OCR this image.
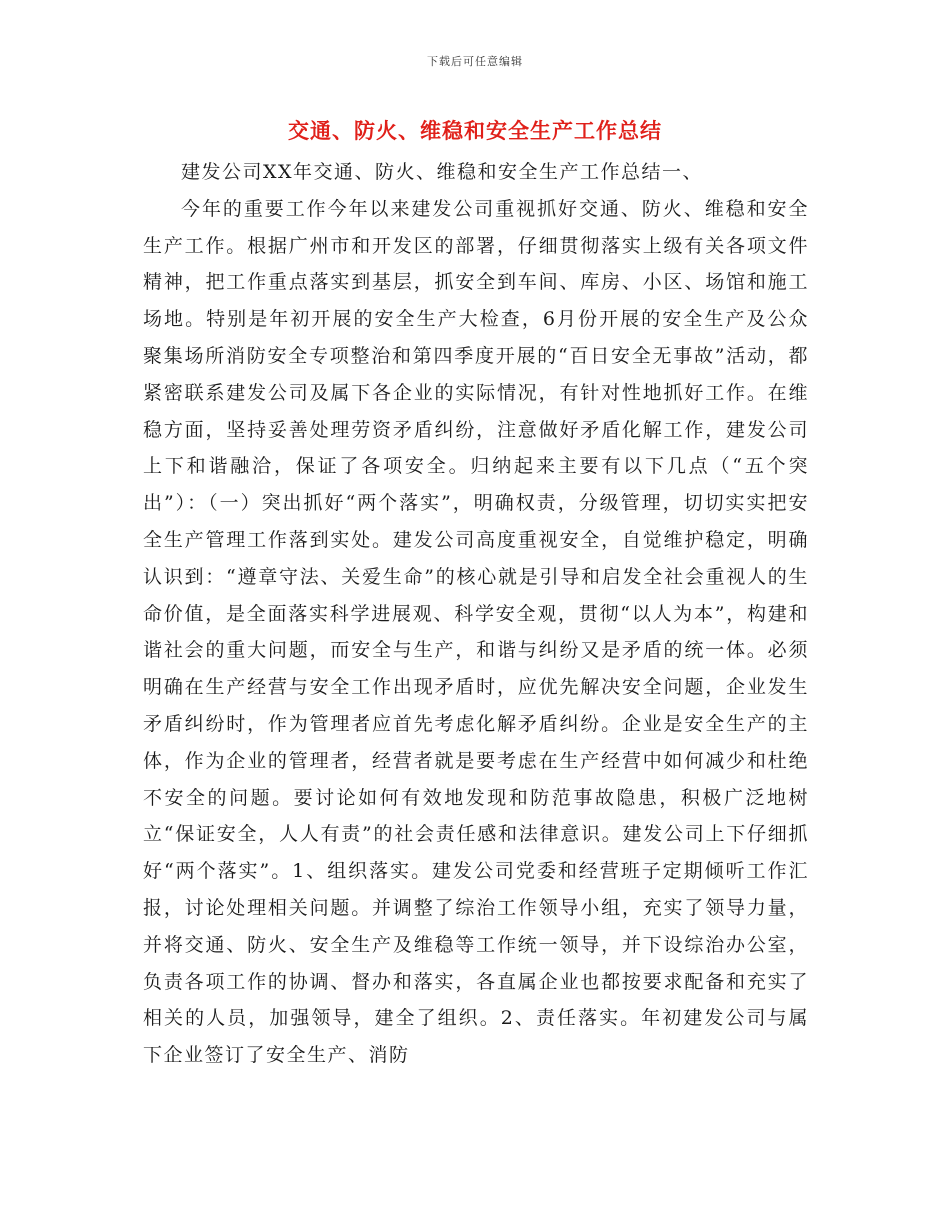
下载后可任意编辑
交通、防火、维稳和安全生产工作总结

建发公司XX年交通、防火、维稳和安全生产工作总结一、

今年的重要工作今年以来建发公司重视抓好交通、防火、维稳和安全生产工作。根据广州市和开发区的部署，仔细贯彻落实上级有关各项文件精神，把工作重点落实到基层，抓安全到车间、库房、小区、场馆和施工场地。特别是年初开展的安全生产大检查，6月份开展的安全生产及公众聚集场所消防安全专项整治和第四季度开展的“百日安全无事故”活动，都紧密联系建发公司及属下各企业的实际情况，有针对性地抓好工作。在维稳方面，坚持妥善处理劳资矛盾纠纷，注意做好矛盾化解工作，建发公司上下和谐融洽，保证了各项安全。归纳起来主要有以下几点（“五个突出”）：（一）突出抓好“两个落实”，明确权责，分级管理，切切实实把安全生产管理工作落到实处。建发公司高度重视安全，自觉维护稳定，明确认识到：“遵章守法、关爱生命”的核心就是引导和启发全社会重视人的生命价值，是全面落实科学进展观、科学安全观，贯彻“以人为本”，构建和谐社会的重大问题，而安全与生产，和谐与纠纷又是矛盾的统一体。必须明确在生产经营与安全工作出现矛盾时，应优先解决安全问题，企业发生矛盾纠纷时，作为管理者应首先考虑化解矛盾纠纷。企业是安全生产的主体，作为企业的管理者，经营者就是要考虑在生产经营中如何减少和杜绝不安全的问题。要讨论如何有效地发现和防范事故隐患，积极广泛地树立“保证安全，人人有责”的社会责任感和法律意识。建发公司上下仔细抓好“两个落实”。1、组织落实。建发公司党委和经营班子定期倾听工作汇报，讨论处理相关问题。并调整了综治工作领导小组，充实了领导力量，并将交通、防火、安全生产及维稳等工作统一领导，并下设综治办公室，负责各项工作的协调、督办和落实，各直属企业也都按要求配备和充实了相关的人员，加强领导，建全了组织。2、责任落实。年初建发公司与属下企业签订了安全生产、消防
